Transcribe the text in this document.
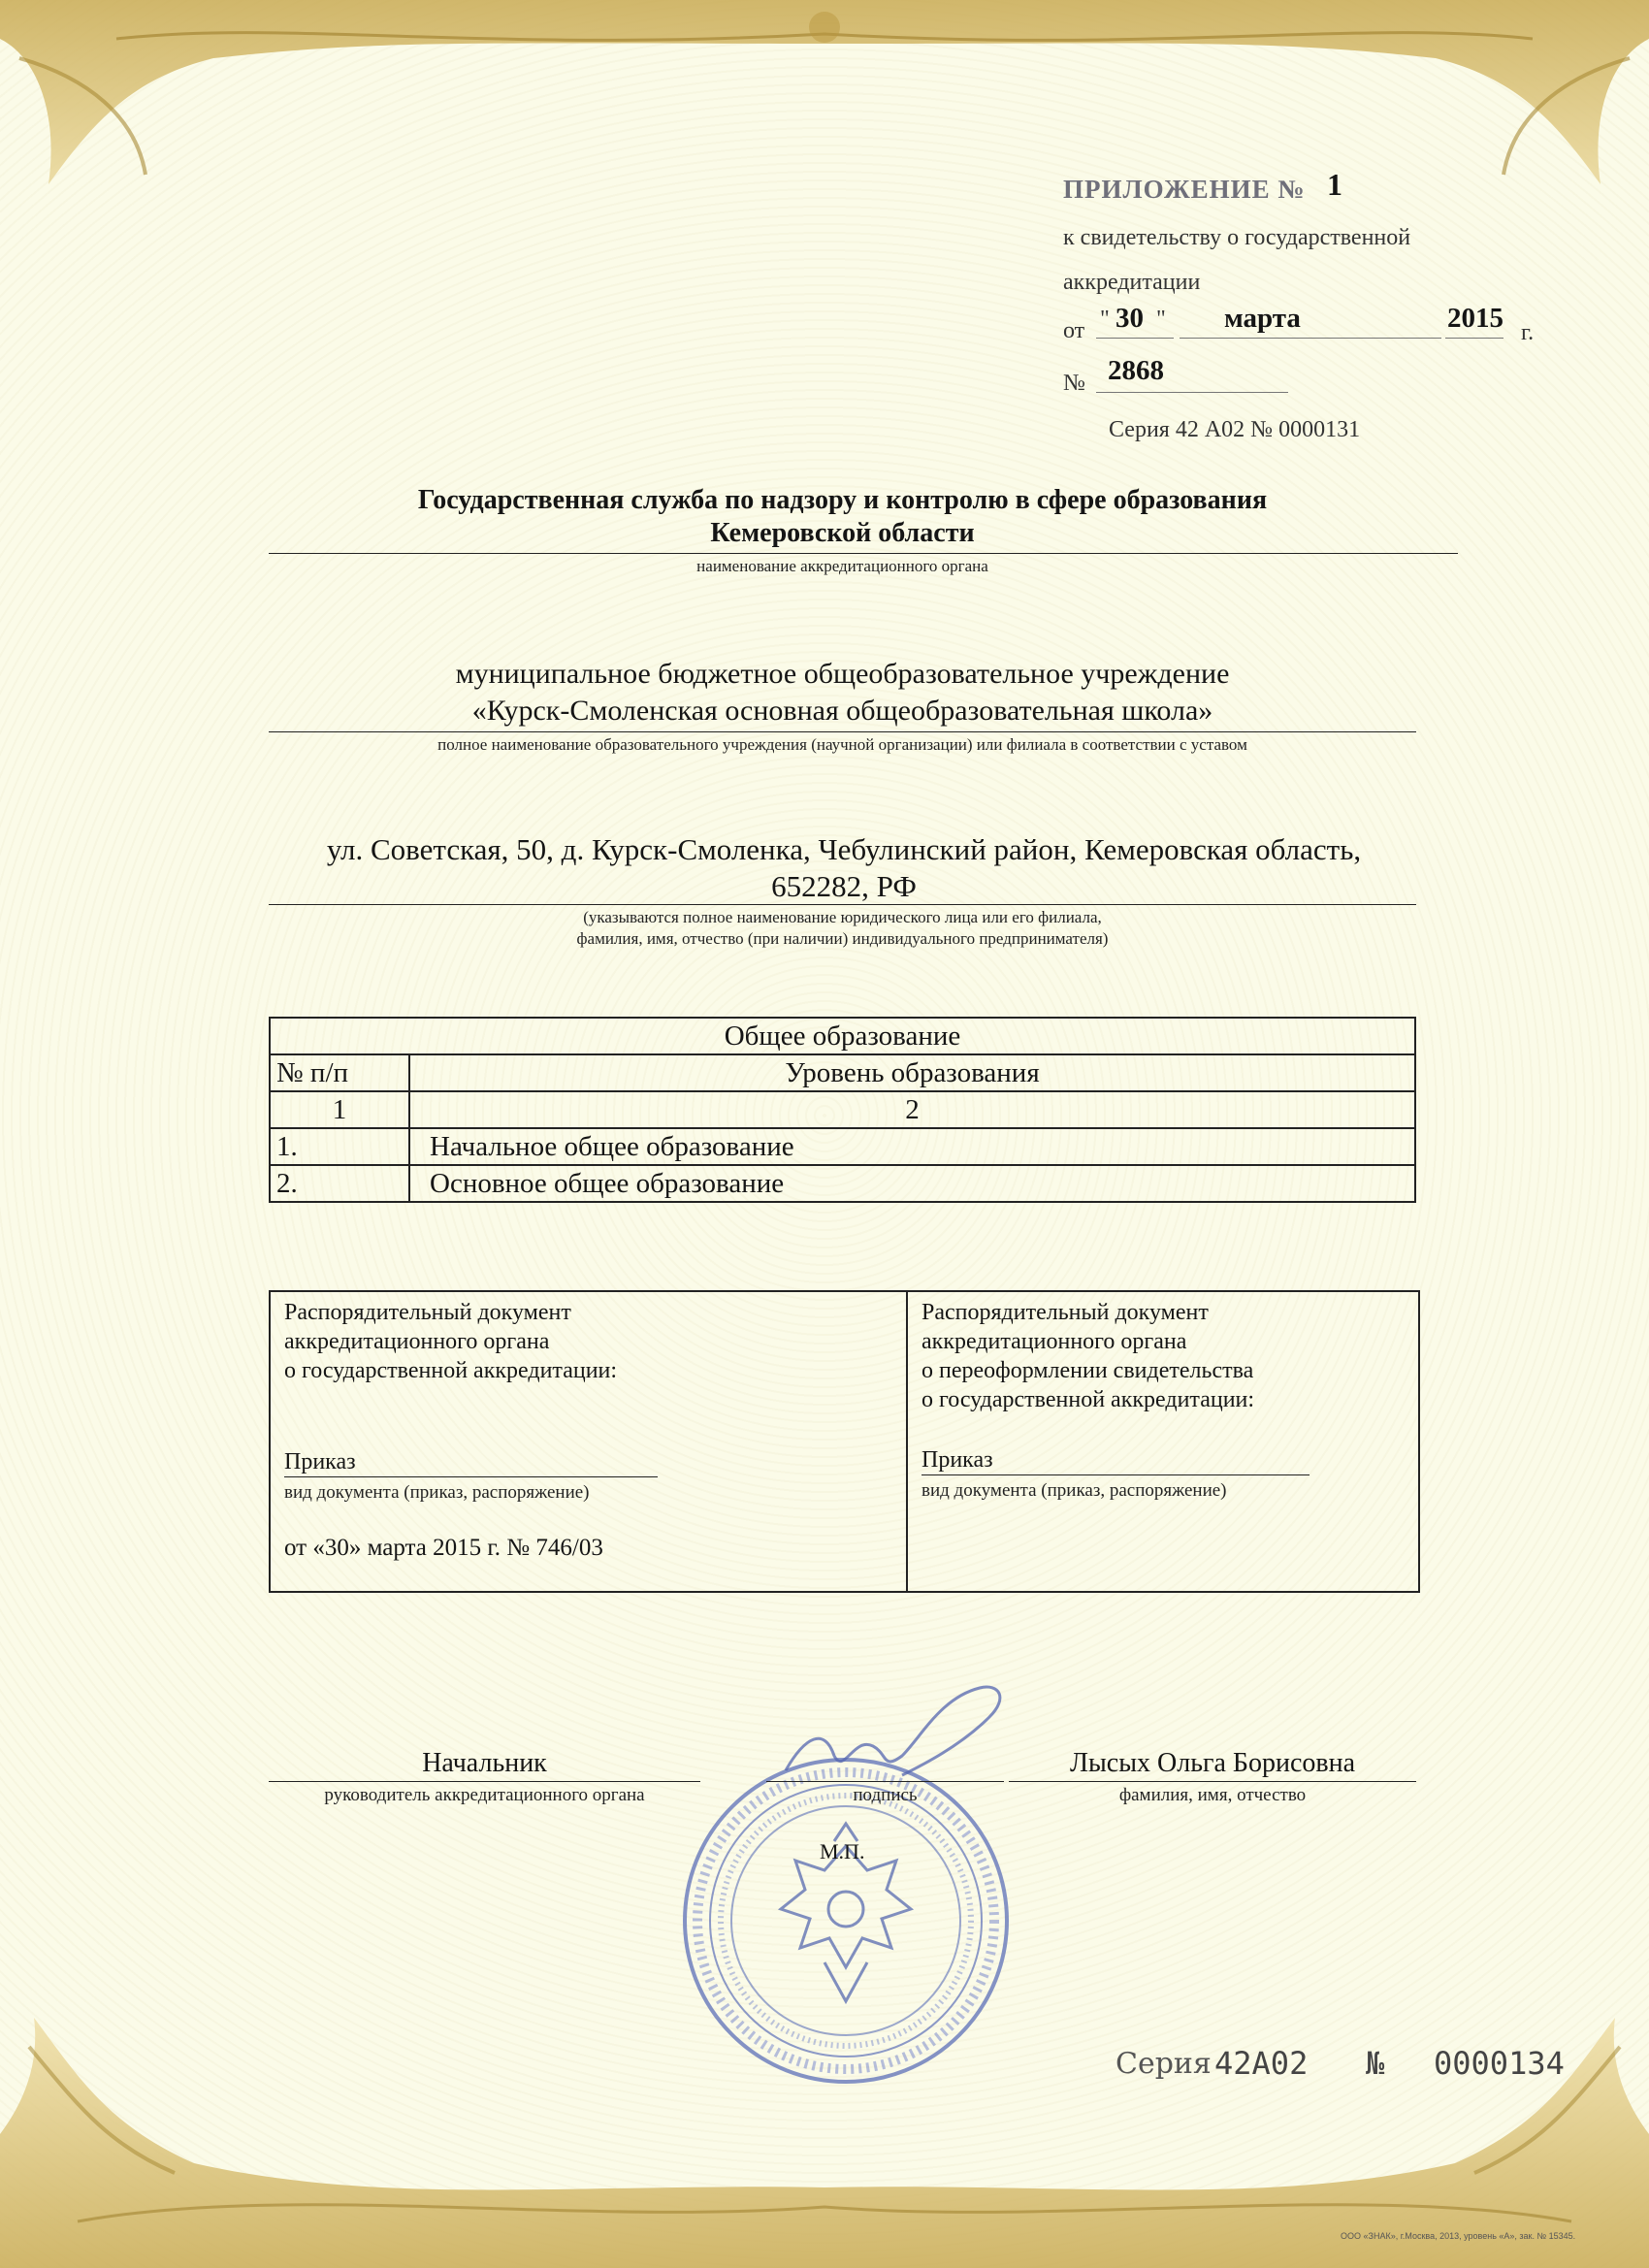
ПРИЛОЖЕНИЕ № 1
к свидетельству о государственной
аккредитации
от " 30 " марта	2015 г.
№ 2868
Серия 42 А02 № 0000131
Государственная служба по надзору и контролю в сфере образования
Кемеровской области
наименование аккредитационного органа
муниципальное бюджетное общеобразовательное учреждение
«Курск-Смоленская основная общеобразовательная школа»
полное наименование образовательного учреждения (научной организации) или филиала в соответствии с уставом
ул. Советская, 50, д. Курск-Смоленка, Чебулинский район, Кемеровская область,
652282, РФ
(указываются полное наименование юридического лица или его филиала,
фамилия, имя, отчество (при наличии) индивидуального предпринимателя)
Общее образование	
№ п/п	Уровень образования
1	2
1.	Начальное общее образование
2.	Основное общее образование
Распорядительный документ
аккредитационного органа
о государственной аккредитации:
Приказ
вид документа (приказ, распоряжение)
от «30» марта 2015 г. № 746/03
Распорядительный документ
аккредитационного органа
о переоформлении свидетельства
о государственной аккредитации:
Приказ
вид документа (приказ, распоряжение)
Начальник
руководитель аккредитационного органа	подпись
Лысых Ольга Борисовна
фамилия, имя, отчество
М.П.
Серия 42А02 № 0000134
ООО «ЗНАК», г.Москва, 2013, уровень «А», зак. № 15345.
